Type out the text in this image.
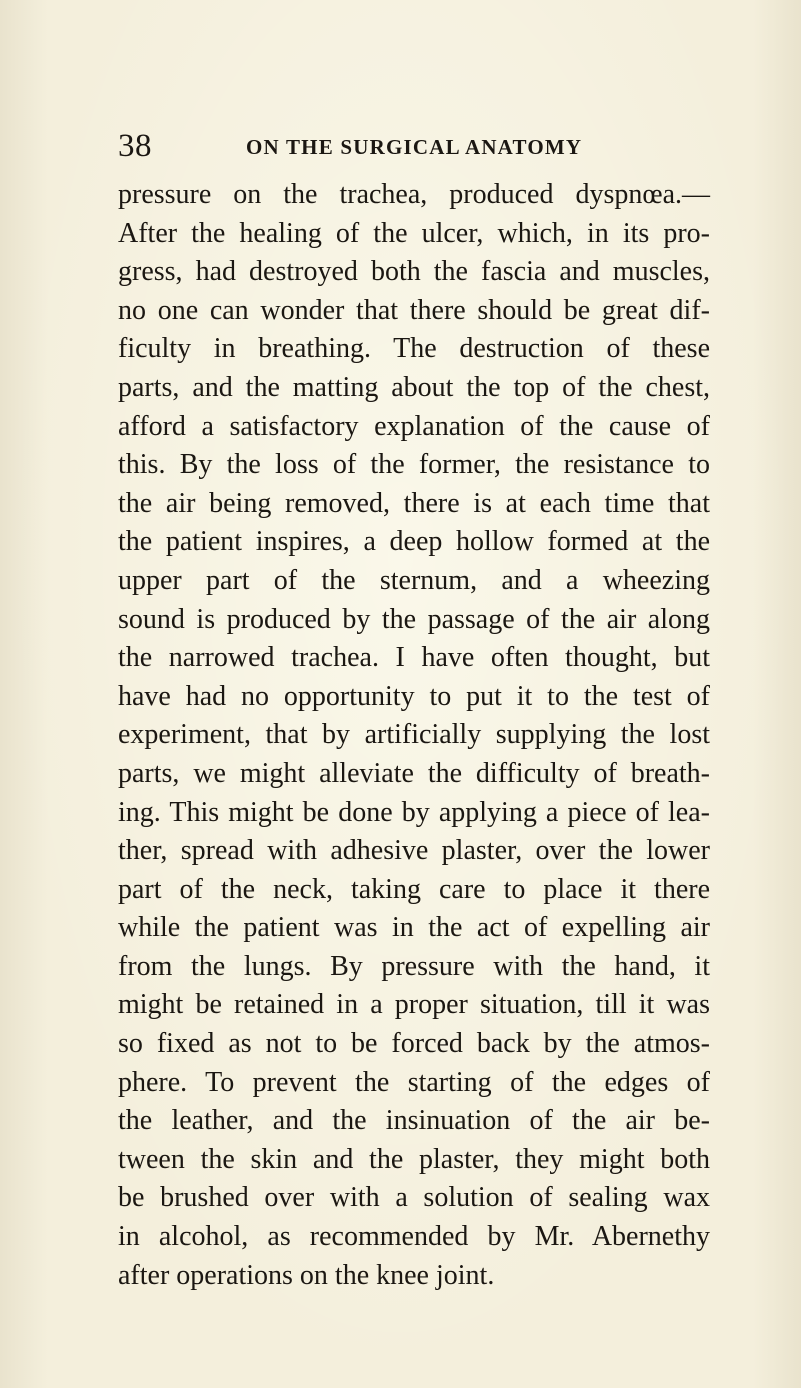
38	ON THE SURGICAL ANATOMY
pressure on the trachea, produced dyspnœa.—
After the healing of the ulcer, which, in its pro-
gress, had destroyed both the fascia and muscles,
no one can wonder that there should be great dif-
ficulty in breathing. The destruction of these
parts, and the matting about the top of the chest,
afford a satisfactory explanation of the cause of
this. By the loss of the former, the resistance to
the air being removed, there is at each time that
the patient inspires, a deep hollow formed at the
upper part of the sternum, and a wheezing
sound is produced by the passage of the air along
the narrowed trachea. I have often thought, but
have had no opportunity to put it to the test of
experiment, that by artificially supplying the lost
parts, we might alleviate the difficulty of breath-
ing. This might be done by applying a piece of lea-
ther, spread with adhesive plaster, over the lower
part of the neck, taking care to place it there
while the patient was in the act of expelling air
from the lungs. By pressure with the hand, it
might be retained in a proper situation, till it was
so fixed as not to be forced back by the atmos-
phere. To prevent the starting of the edges of
the leather, and the insinuation of the air be-
tween the skin and the plaster, they might both
be brushed over with a solution of sealing wax
in alcohol, as recommended by Mr. Abernethy
after operations on the knee joint.
